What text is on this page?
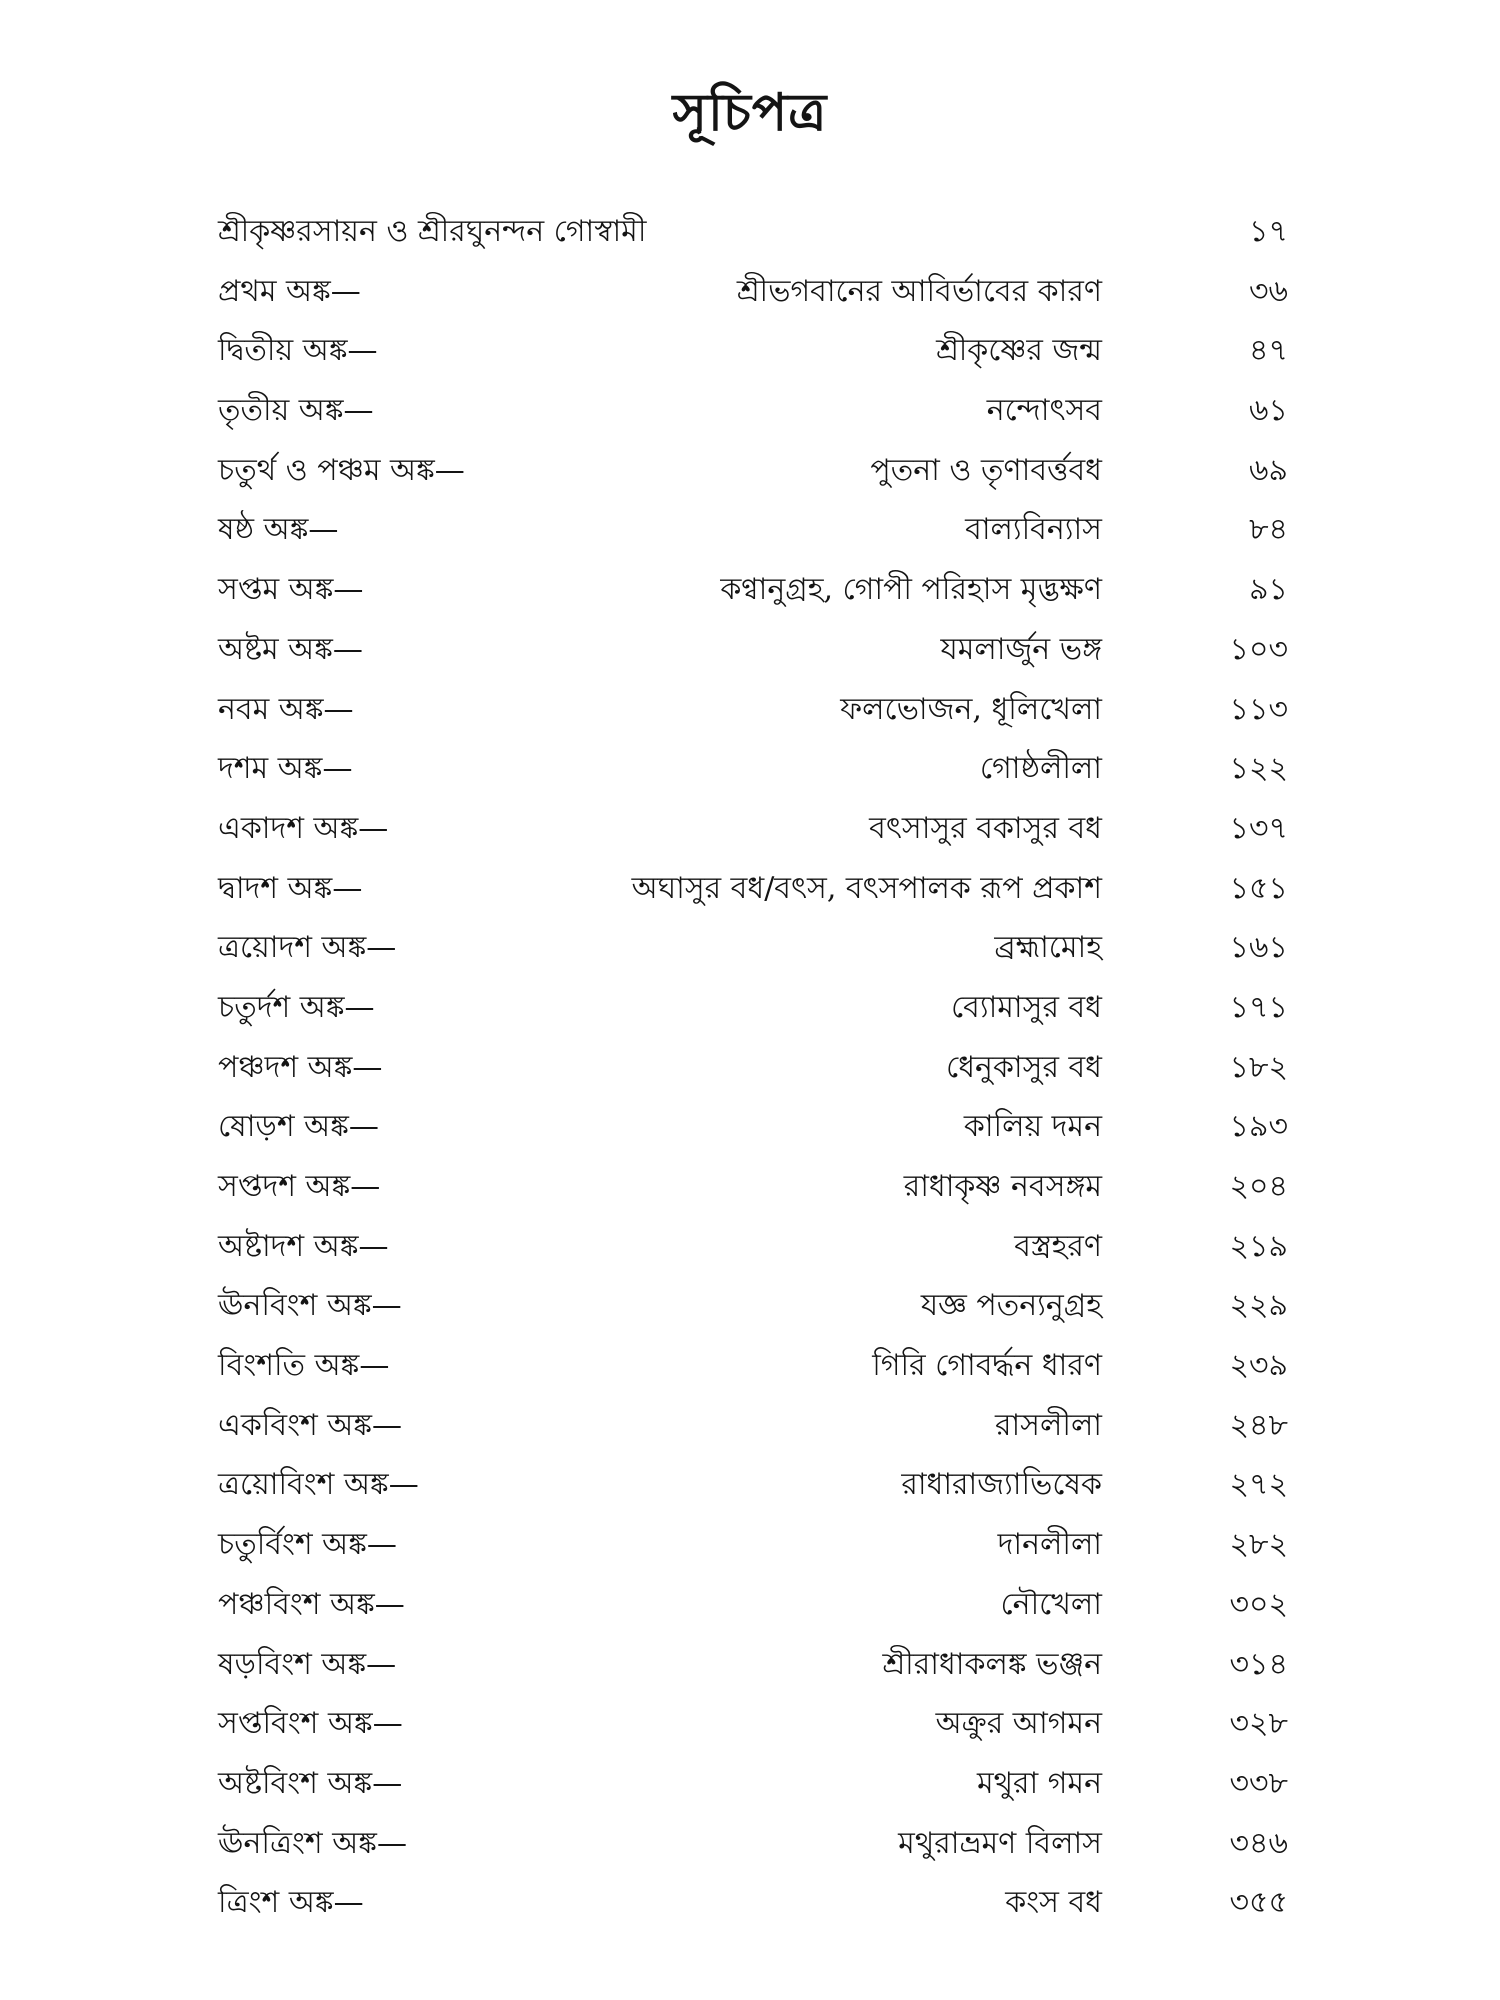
সূচিপত্র
শ্রীকৃষ্ণরসায়ন ও শ্রীরঘুনন্দন গোস্বামী	১৭
প্রথম অঙ্ক—	শ্রীভগবানের আবির্ভাবের কারণ	৩৬
দ্বিতীয় অঙ্ক—	শ্রীকৃষ্ণের জন্ম	৪৭
তৃতীয় অঙ্ক—	নন্দোৎসব	৬১
চতুর্থ ও পঞ্চম অঙ্ক—	পুতনা ও তৃণাবর্ত্তবধ	৬৯
ষষ্ঠ অঙ্ক—	বাল্যবিন্যাস	৮৪
সপ্তম অঙ্ক—	কণ্বানুগ্রহ, গোপী পরিহাস মৃদ্ভক্ষণ	৯১
অষ্টম অঙ্ক—	যমলার্জুন ভঙ্গ	১০৩
নবম অঙ্ক—	ফলভোজন, ধূলিখেলা	১১৩
দশম অঙ্ক—	গোষ্ঠলীলা	১২২
একাদশ অঙ্ক—	বৎসাসুর বকাসুর বধ	১৩৭
দ্বাদশ অঙ্ক—	অঘাসুর বধ/বৎস, বৎসপালক রূপ প্রকাশ	১৫১
ত্রয়োদশ অঙ্ক—	ব্রহ্মামোহ	১৬১
চতুর্দশ অঙ্ক—	ব্যোমাসুর বধ	১৭১
পঞ্চদশ অঙ্ক—	ধেনুকাসুর বধ	১৮২
ষোড়শ অঙ্ক—	কালিয় দমন	১৯৩
সপ্তদশ অঙ্ক—	রাধাকৃষ্ণ নবসঙ্গম	২০৪
অষ্টাদশ অঙ্ক—	বস্ত্রহরণ	২১৯
ঊনবিংশ অঙ্ক—	যজ্ঞ পতন্যনুগ্রহ	২২৯
বিংশতি অঙ্ক—	গিরি গোবর্দ্ধন ধারণ	২৩৯
একবিংশ অঙ্ক—	রাসলীলা	২৪৮
ত্রয়োবিংশ অঙ্ক—	রাধারাজ্যাভিষেক	২৭২
চতুর্বিংশ অঙ্ক—	দানলীলা	২৮২
পঞ্চবিংশ অঙ্ক—	নৌখেলা	৩০২
ষড়বিংশ অঙ্ক—	শ্রীরাধাকলঙ্ক ভঞ্জন	৩১৪
সপ্তবিংশ অঙ্ক—	অক্রুর আগমন	৩২৮
অষ্টবিংশ অঙ্ক—	মথুরা গমন	৩৩৮
ঊনত্রিংশ অঙ্ক—	মথুরাভ্রমণ বিলাস	৩৪৬
ত্রিংশ অঙ্ক—	কংস বধ	৩৫৫
